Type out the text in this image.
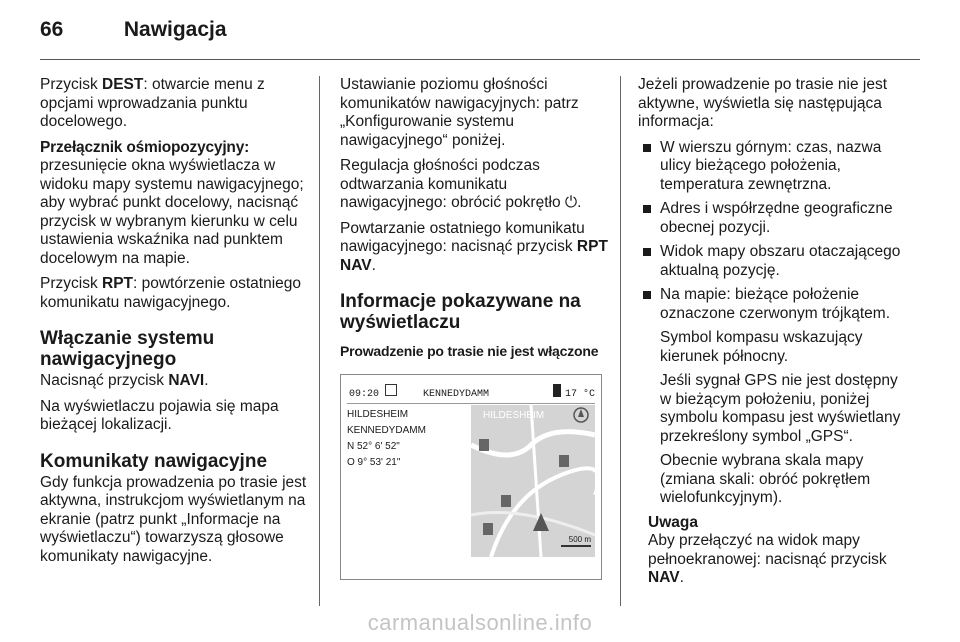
66	Nawigacja

Przycisk DEST: otwarcie menu z opcjami wprowadzania punktu docelowego.

Przełącznik ośmiopozycyjny:

przesunięcie okna wyświetlacza w widoku mapy systemu nawigacyjnego; aby wybrać punkt docelowy, nacisnąć przycisk w wybranym kierunku w celu ustawienia wskaźnika nad punktem docelowym na mapie.

Przycisk RPT: powtórzenie ostatniego komunikatu nawigacyjnego.

Włączanie systemu nawigacyjnego

Nacisnąć przycisk NAVI.

Na wyświetlaczu pojawia się mapa bieżącej lokalizacji.

Komunikaty nawigacyjne

Gdy funkcja prowadzenia po trasie jest aktywna, instrukcjom wyświetlanym na ekranie (patrz punkt „Informacje na wyświetlaczu“) towarzyszą głosowe komunikaty nawigacyjne.

Ustawianie poziomu głośności komunikatów nawigacyjnych: patrz „Konfigurowanie systemu nawigacyjnego“ poniżej.

Regulacja głośności podczas odtwarzania komunikatu nawigacyjnego: obrócić pokrętło ⏻.

Powtarzanie ostatniego komunikatu nawigacyjnego: nacisnąć przycisk RPT NAV.

Informacje pokazywane na wyświetlaczu
Prowadzenie po trasie nie jest włączone
09:20	KENNEDYDAMM	17 °C
HILDESHEIM
KENNEDYDAMM
N 52° 6' 52"
O 9° 53' 21"
HILDESHEIM
500 m

Jeżeli prowadzenie po trasie nie jest aktywne, wyświetla się następująca informacja:

W wierszu górnym: czas, nazwa ulicy bieżącego położenia, temperatura zewnętrzna.
Adres i współrzędne geograficzne obecnej pozycji.
Widok mapy obszaru otaczającego aktualną pozycję.
Na mapie: bieżące położenie oznaczone czerwonym trójkątem.
Symbol kompasu wskazujący kierunek północny.
Jeśli sygnał GPS nie jest dostępny w bieżącym położeniu, poniżej symbolu kompasu jest wyświetlany przekreślony symbol „GPS“.
Obecnie wybrana skala mapy (zmiana skali: obróć pokrętłem wielofunkcyjnym).
Uwaga
Aby przełączyć na widok mapy pełnoekranowej: nacisnąć przycisk NAV.
carmanualsonline.info
